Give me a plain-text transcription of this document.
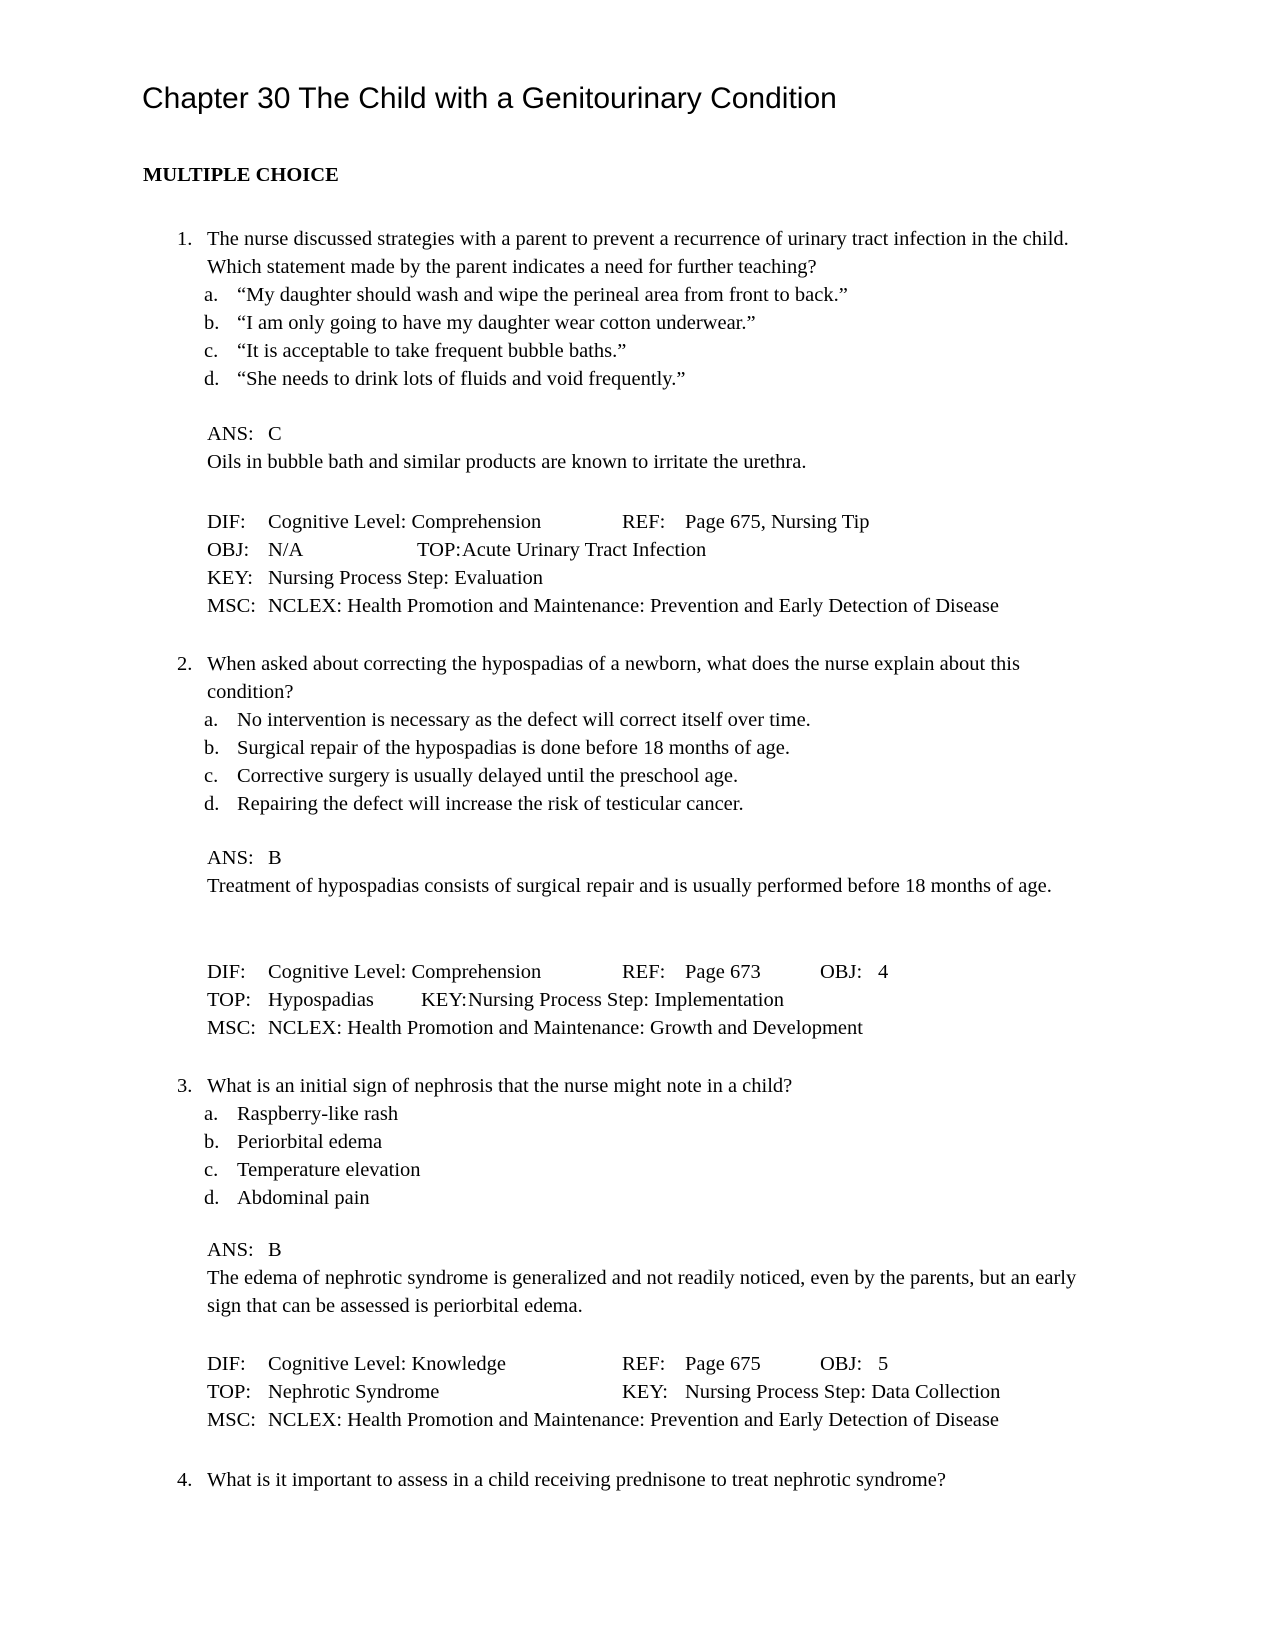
Chapter 30 The Child with a Genitourinary Condition
MULTIPLE CHOICE
1. The nurse discussed strategies with a parent to prevent a recurrence of urinary tract infection in the child. Which statement made by the parent indicates a need for further teaching?
a. “My daughter should wash and wipe the perineal area from front to back.”
b. “I am only going to have my daughter wear cotton underwear.”
c. “It is acceptable to take frequent bubble baths.”
d. “She needs to drink lots of fluids and void frequently.”
ANS: C
Oils in bubble bath and similar products are known to irritate the urethra.
DIF: Cognitive Level: Comprehension	REF: Page 675, Nursing Tip
OBJ: N/A	TOP: Acute Urinary Tract Infection
KEY: Nursing Process Step: Evaluation
MSC: NCLEX: Health Promotion and Maintenance: Prevention and Early Detection of Disease
2. When asked about correcting the hypospadias of a newborn, what does the nurse explain about this condition?
a. No intervention is necessary as the defect will correct itself over time.
b. Surgical repair of the hypospadias is done before 18 months of age.
c. Corrective surgery is usually delayed until the preschool age.
d. Repairing the defect will increase the risk of testicular cancer.
ANS: B
Treatment of hypospadias consists of surgical repair and is usually performed before 18 months of age.
DIF: Cognitive Level: Comprehension	REF: Page 673	OBJ: 4
TOP: Hypospadias KEY: Nursing Process Step: Implementation
MSC: NCLEX: Health Promotion and Maintenance: Growth and Development
3. What is an initial sign of nephrosis that the nurse might note in a child?
a. Raspberry-like rash
b. Periorbital edema
c. Temperature elevation
d. Abdominal pain
ANS: B
The edema of nephrotic syndrome is generalized and not readily noticed, even by the parents, but an early sign that can be assessed is periorbital edema.
DIF: Cognitive Level: Knowledge	REF: Page 675	OBJ: 5
TOP: Nephrotic Syndrome	KEY: Nursing Process Step: Data Collection
MSC: NCLEX: Health Promotion and Maintenance: Prevention and Early Detection of Disease
4. What is it important to assess in a child receiving prednisone to treat nephrotic syndrome?
